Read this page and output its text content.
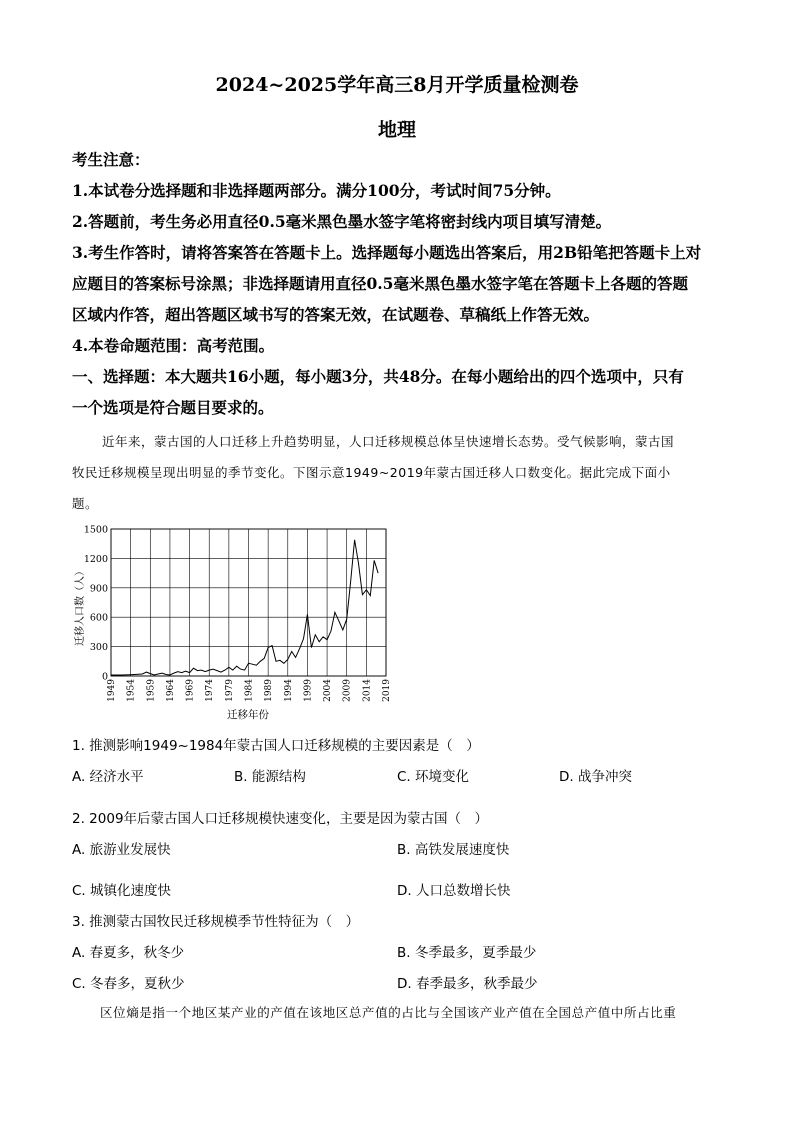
2024~2025学年高三8月开学质量检测卷
地理
考生注意：
1.本试卷分选择题和非选择题两部分。满分100分，考试时间75分钟。
2.答题前，考生务必用直径0.5毫米黑色墨水签字笔将密封线内项目填写清楚。
3.考生作答时，请将答案答在答题卡上。选择题每小题选出答案后，用2B铅笔把答题卡上对
应题目的答案标号涂黑；非选择题请用直径0.5毫米黑色墨水签字笔在答题卡上各题的答题
区域内作答，超出答题区域书写的答案无效，在试题卷、草稿纸上作答无效。
4.本卷命题范围：高考范围。
一、选择题：本大题共16小题，每小题3分，共48分。在每小题给出的四个选项中，只有
一个选项是符合题目要求的。
近年来，蒙古国的人口迁移上升趋势明显，人口迁移规模总体呈快速增长态势。受气候影响，蒙古国
牧民迁移规模呈现出明显的季节变化。下图示意1949~2019年蒙古国迁移人口数变化。据此完成下面小
题。
0
300
600
900
1200
1500
1949 1954 1959 1964 1969 1974 1979 1984 1989 1994 1999 2004 2009 2014 2019
迁移人口数（人）
迁移年份
1. 推测影响1949~1984年蒙古国人口迁移规模的主要因素是（　）
A. 经济水平	B. 能源结构	C. 环境变化	D. 战争冲突
2. 2009年后蒙古国人口迁移规模快速变化，主要是因为蒙古国（　）
A. 旅游业发展快	B. 高铁发展速度快
C. 城镇化速度快	D. 人口总数增长快
3. 推测蒙古国牧民迁移规模季节性特征为（　）
A. 春夏多，秋冬少	B. 冬季最多，夏季最少
C. 冬春多，夏秋少	D. 春季最多，秋季最少
区位熵是指一个地区某产业的产值在该地区总产值的占比与全国该产业产值在全国总产值中所占比重
